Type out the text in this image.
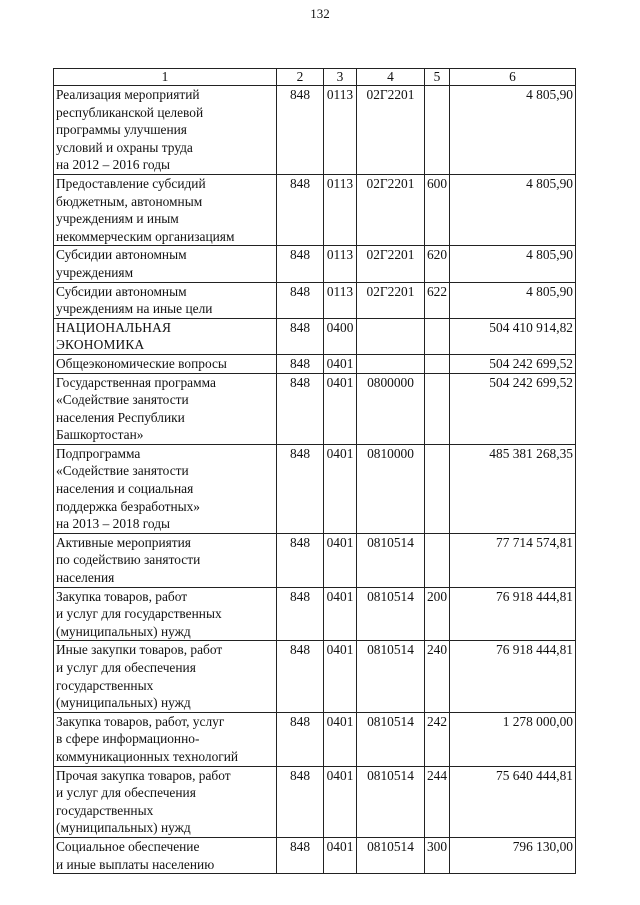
132
1	2	3	4	5	6
Реализация мероприятий
республиканской целевой
программы улучшения
условий и охраны труда
на 2012 – 2016 годы	848	0113	02Г2201		4 805,90
Предоставление субсидий
бюджетным, автономным
учреждениям и иным
некоммерческим организациям	848	0113	02Г2201	600	4 805,90
Субсидии автономным
учреждениям	848	0113	02Г2201	620	4 805,90
Субсидии автономным
учреждениям на иные цели	848	0113	02Г2201	622	4 805,90
НАЦИОНАЛЬНАЯ
ЭКОНОМИКА	848	0400			504 410 914,82
Общеэкономические вопросы	848	0401			504 242 699,52
Государственная программа
«Содействие занятости
населения Республики
Башкортостан»	848	0401	0800000		504 242 699,52
Подпрограмма
«Содействие занятости
населения и социальная
поддержка безработных»
на 2013 – 2018 годы	848	0401	0810000		485 381 268,35
Активные мероприятия
по содействию занятости
населения	848	0401	0810514		77 714 574,81
Закупка товаров, работ
и услуг для государственных
(муниципальных) нужд	848	0401	0810514	200	76 918 444,81
Иные закупки товаров, работ
и услуг для обеспечения
государственных
(муниципальных) нужд	848	0401	0810514	240	76 918 444,81
Закупка товаров, работ, услуг
в сфере информационно-
коммуникационных технологий	848	0401	0810514	242	1 278 000,00
Прочая закупка товаров, работ
и услуг для обеспечения
государственных
(муниципальных) нужд	848	0401	0810514	244	75 640 444,81
Социальное обеспечение
и иные выплаты населению	848	0401	0810514	300	796 130,00
